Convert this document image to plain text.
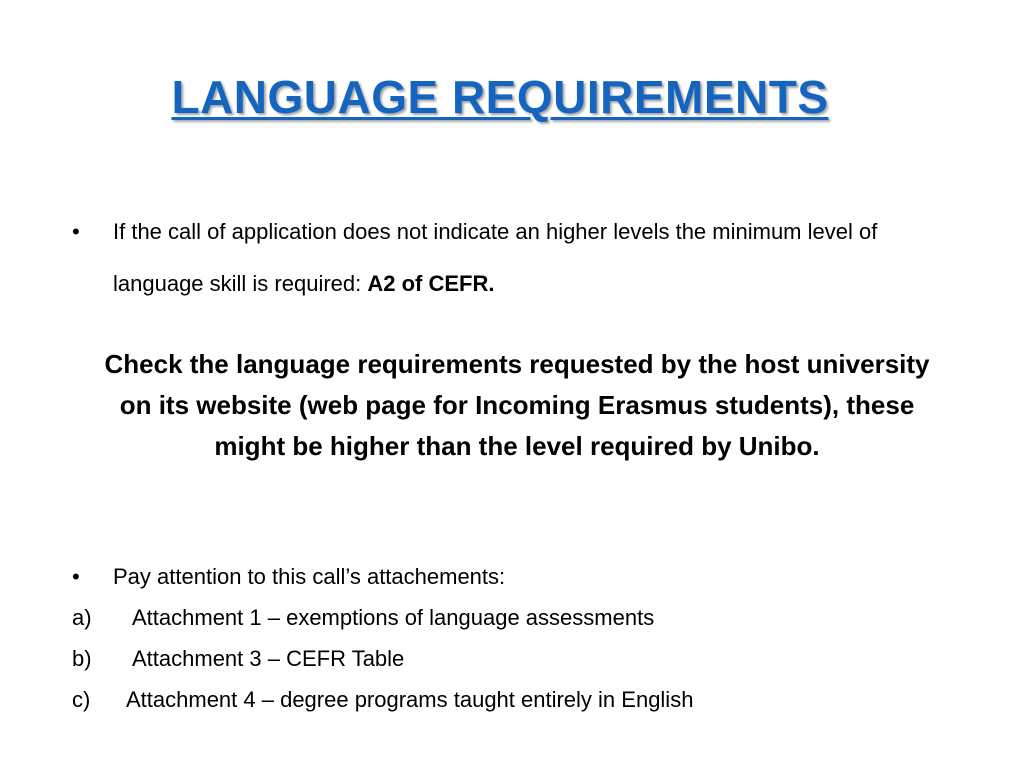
LANGUAGE REQUIREMENTS
•	If the call of application does not indicate an higher levels the minimum level of language skill is required: A2 of CEFR.
Check the language requirements requested by the host university on its website (web page for Incoming Erasmus students), these might be higher than the level required by Unibo.
• Pay attention to this call’s attachements:
a) Attachment 1 – exemptions of language assessments
b) Attachment 3 – CEFR Table
c) Attachment 4 – degree programs taught entirely in English
